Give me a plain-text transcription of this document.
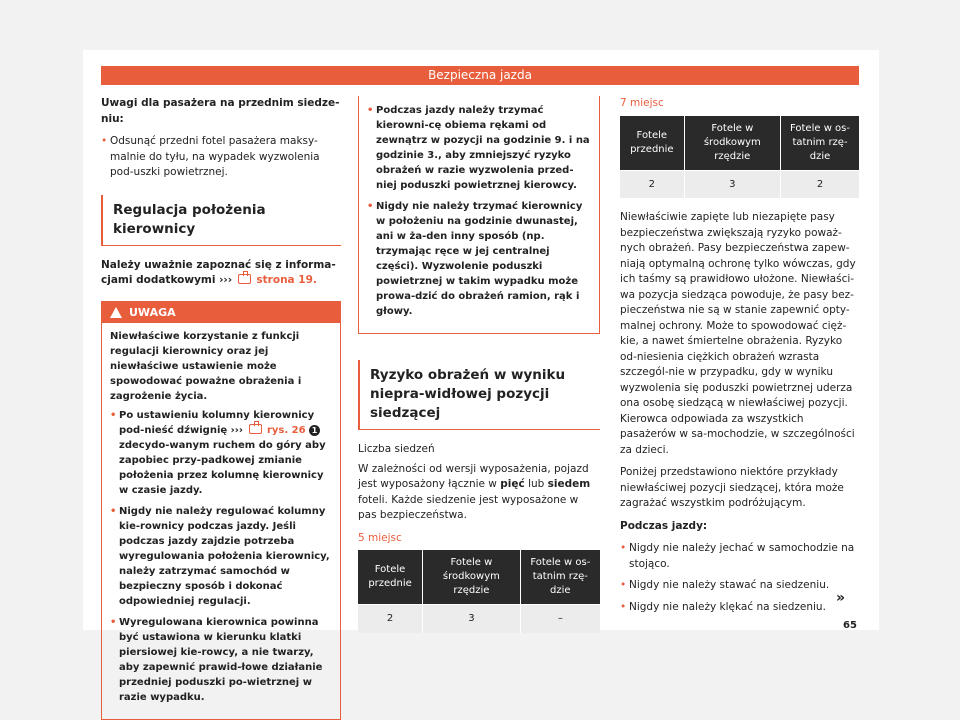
Bezpieczna jazda

Uwagi dla pasażera na przednim siedze-niu:

• Odsunąć przedni fotel pasażera maksy-malnie do tyłu, na wypadek wyzwolenia pod-uszki powietrznej.
Regulacja położenia kierownicy

Należy uważnie zapoznać się z informa-cjami dodatkowymi ››› strona 19.

UWAGA

Niewłaściwe korzystanie z funkcji regulacji kierownicy oraz jej niewłaściwe ustawienie może spowodować poważne obrażenia i zagrożenie życia.

• Po ustawieniu kolumny kierownicy pod-nieść dźwignię ››› rys. 26 1 zdecydo-wanym ruchem do góry aby zapobiec przy-padkowej zmianie położenia przez kolumnę kierownicy w czasie jazdy.
• Nigdy nie należy regulować kolumny kie-rownicy podczas jazdy. Jeśli podczas jazdy zajdzie potrzeba wyregulowania położenia kierownicy, należy zatrzymać samochód w bezpieczny sposób i dokonać odpowiedniej regulacji.
• Wyregulowana kierownica powinna być ustawiona w kierunku klatki piersiowej kie-rowcy, a nie twarzy, aby zapewnić prawid-łowe działanie przedniej poduszki po-wietrznej w razie wypadku.
• Podczas jazdy należy trzymać kierowni-cę obiema rękami od zewnątrz w pozycji na godzinie 9. i na godzinie 3., aby zmniejszyć ryzyko obrażeń w razie wyzwolenia przed-niej poduszki powietrznej kierowcy.
• Nigdy nie należy trzymać kierownicy w położeniu na godzinie dwunastej, ani w ża-den inny sposób (np. trzymając ręce w jej centralnej części). Wyzwolenie poduszki powietrznej w takim wypadku może prowa-dzić do obrażeń ramion, rąk i głowy.
Ryzyko obrażeń w wyniku niepra-widłowej pozycji siedzącej

Liczba siedzeń

W zależności od wersji wyposażenia, pojazd jest wyposażony łącznie w pięć lub siedem foteli. Każde siedzenie jest wyposażone w pas bezpieczeństwa.

5 miejsc
Fotele przednie	Fotele w środkowym rzędzie	Fotele w os-tatnim rzę-dzie
2	3	–
7 miejsc
Fotele przednie	Fotele w środkowym rzędzie	Fotele w os-tatnim rzę-dzie
2	3	2

Niewłaściwie zapięte lub niezapięte pasy bezpieczeństwa zwiększają ryzyko poważ-nych obrażeń. Pasy bezpieczeństwa zapew-niają optymalną ochronę tylko wówczas, gdy ich taśmy są prawidłowo ułożone. Niewłaści-wa pozycja siedząca powoduje, że pasy bez-pieczeństwa nie są w stanie zapewnić opty-malnej ochrony. Może to spowodować cięż-kie, a nawet śmiertelne obrażenia. Ryzyko od-niesienia ciężkich obrażeń wzrasta szczegól-nie w przypadku, gdy w wyniku wyzwolenia się poduszki powietrznej uderza ona osobę siedzącą w niewłaściwej pozycji. Kierowca odpowiada za wszystkich pasażerów w sa-mochodzie, w szczególności za dzieci.

Poniżej przedstawiono niektóre przykłady niewłaściwej pozycji siedzącej, która może zagrażać wszystkim podróżującym.

Podczas jazdy:

• Nigdy nie należy jechać w samochodzie na stojąco.
• Nigdy nie należy stawać na siedzeniu.
• Nigdy nie należy klękać na siedzeniu.
»
65
